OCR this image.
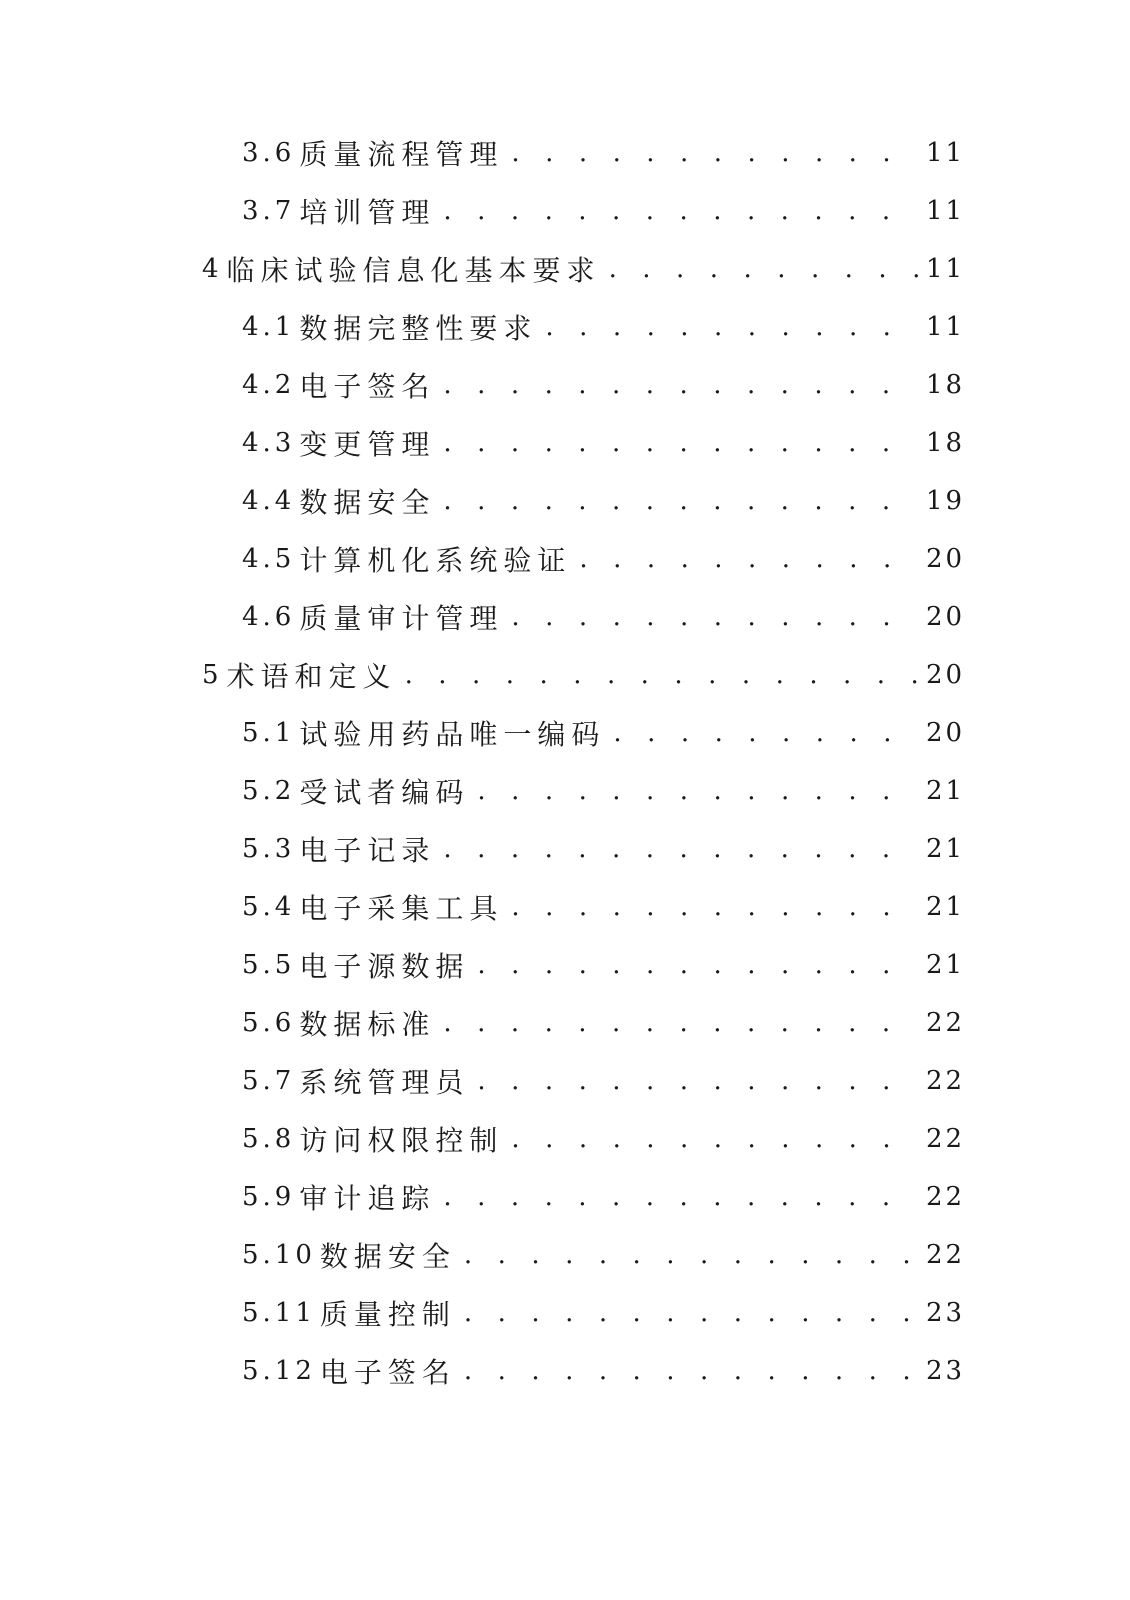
3.6 质量流程管理 . . .	11
3.7 培训管理 . . .	11
4 临床试验信息化基本要求 . . .	11
4.1 数据完整性要求 . . .	11
4.2 电子签名 . . .	18
4.3 变更管理 . . .	18
4.4 数据安全 . . .	19
4.5 计算机化系统验证 . . .	20
4.6 质量审计管理 . . .	20
5 术语和定义 . . .	20
5.1 试验用药品唯一编码 . . .	20
5.2 受试者编码 . . .	21
5.3 电子记录 . . .	21
5.4 电子采集工具 . . .	21
5.5 电子源数据 . . .	21
5.6 数据标准 . . .	22
5.7 系统管理员 . . .	22
5.8 访问权限控制 . . .	22
5.9 审计追踪 . . .	22
5.10 数据安全 . . .	22
5.11 质量控制 . . .	23
5.12 电子签名 . . .	23
